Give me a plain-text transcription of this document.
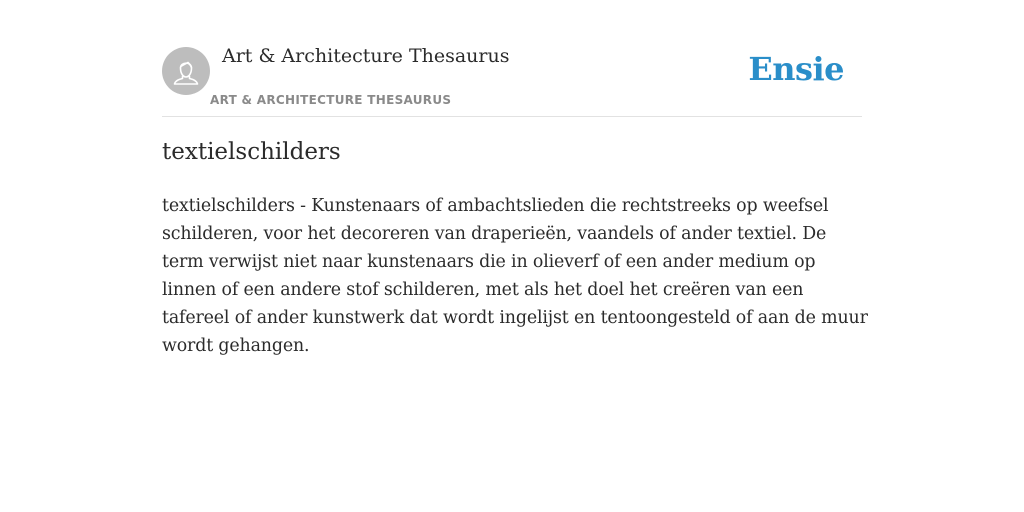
Art & Architecture Thesaurus
ART & ARCHITECTURE THESAURUS
Ensie
textielschilders

textielschilders - Kunstenaars of ambachtslieden die rechtstreeks op weefsel schilderen, voor het decoreren van draperieën, vaandels of ander textiel. De term verwijst niet naar kunstenaars die in olieverf of een ander medium op linnen of een andere stof schilderen, met als het doel het creëren van een tafereel of ander kunstwerk dat wordt ingelijst en tentoongesteld of aan de muur wordt gehangen.
